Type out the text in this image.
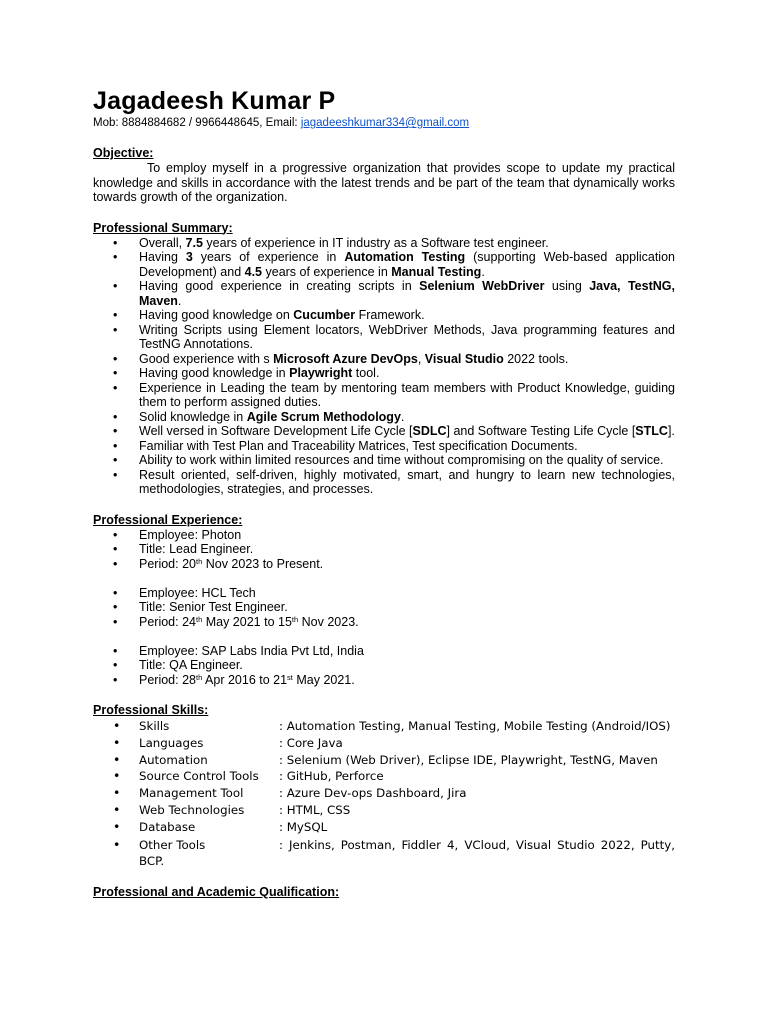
Jagadeesh Kumar P

Mob: 8884884682 / 9966448645, Email: jagadeeshkumar334@gmail.com

Objective:

To employ myself in a progressive organization that provides scope to update my practical knowledge and skills in accordance with the latest trends and be part of the team that dynamically works towards growth of the organization.

Professional Summary:

• Overall, 7.5 years of experience in IT industry as a Software test engineer.
• Having 3 years of experience in Automation Testing (supporting Web-based application Development) and 4.5 years of experience in Manual Testing.
• Having good experience in creating scripts in Selenium WebDriver using Java, TestNG, Maven.
• Having good knowledge on Cucumber Framework.
• Writing Scripts using Element locators, WebDriver Methods, Java programming features and TestNG Annotations.
• Good experience with s Microsoft Azure DevOps, Visual Studio 2022 tools.
• Having good knowledge in Playwright tool.
• Experience in Leading the team by mentoring team members with Product Knowledge, guiding them to perform assigned duties.
• Solid knowledge in Agile Scrum Methodology.
• Well versed in Software Development Life Cycle [SDLC] and Software Testing Life Cycle [STLC].
• Familiar with Test Plan and Traceability Matrices, Test specification Documents.
• Ability to work within limited resources and time without compromising on the quality of service.
• Result oriented, self-driven, highly motivated, smart, and hungry to learn new technologies, methodologies, strategies, and processes.

Professional Experience:

• Employee: Photon
• Title: Lead Engineer.
• Period: 20th Nov 2023 to Present.
• Employee: HCL Tech
• Title: Senior Test Engineer.
• Period: 24th May 2021 to 15th Nov 2023.
• Employee: SAP Labs India Pvt Ltd, India
• Title: QA Engineer.
• Period: 28th Apr 2016 to 21st May 2021.

Professional Skills:

• Skills	: Automation Testing, Manual Testing, Mobile Testing (Android/IOS)
• Languages	: Core Java
• Automation	: Selenium (Web Driver), Eclipse IDE, Playwright, TestNG, Maven
• Source Control Tools : GitHub, Perforce
• Management Tool	: Azure Dev-ops Dashboard, Jira
• Web Technologies	: HTML, CSS
• Database	: MySQL
• Other Tools	: Jenkins, Postman, Fiddler 4, VCloud, Visual Studio 2022, Putty, BCP.

Professional and Academic Qualification:
